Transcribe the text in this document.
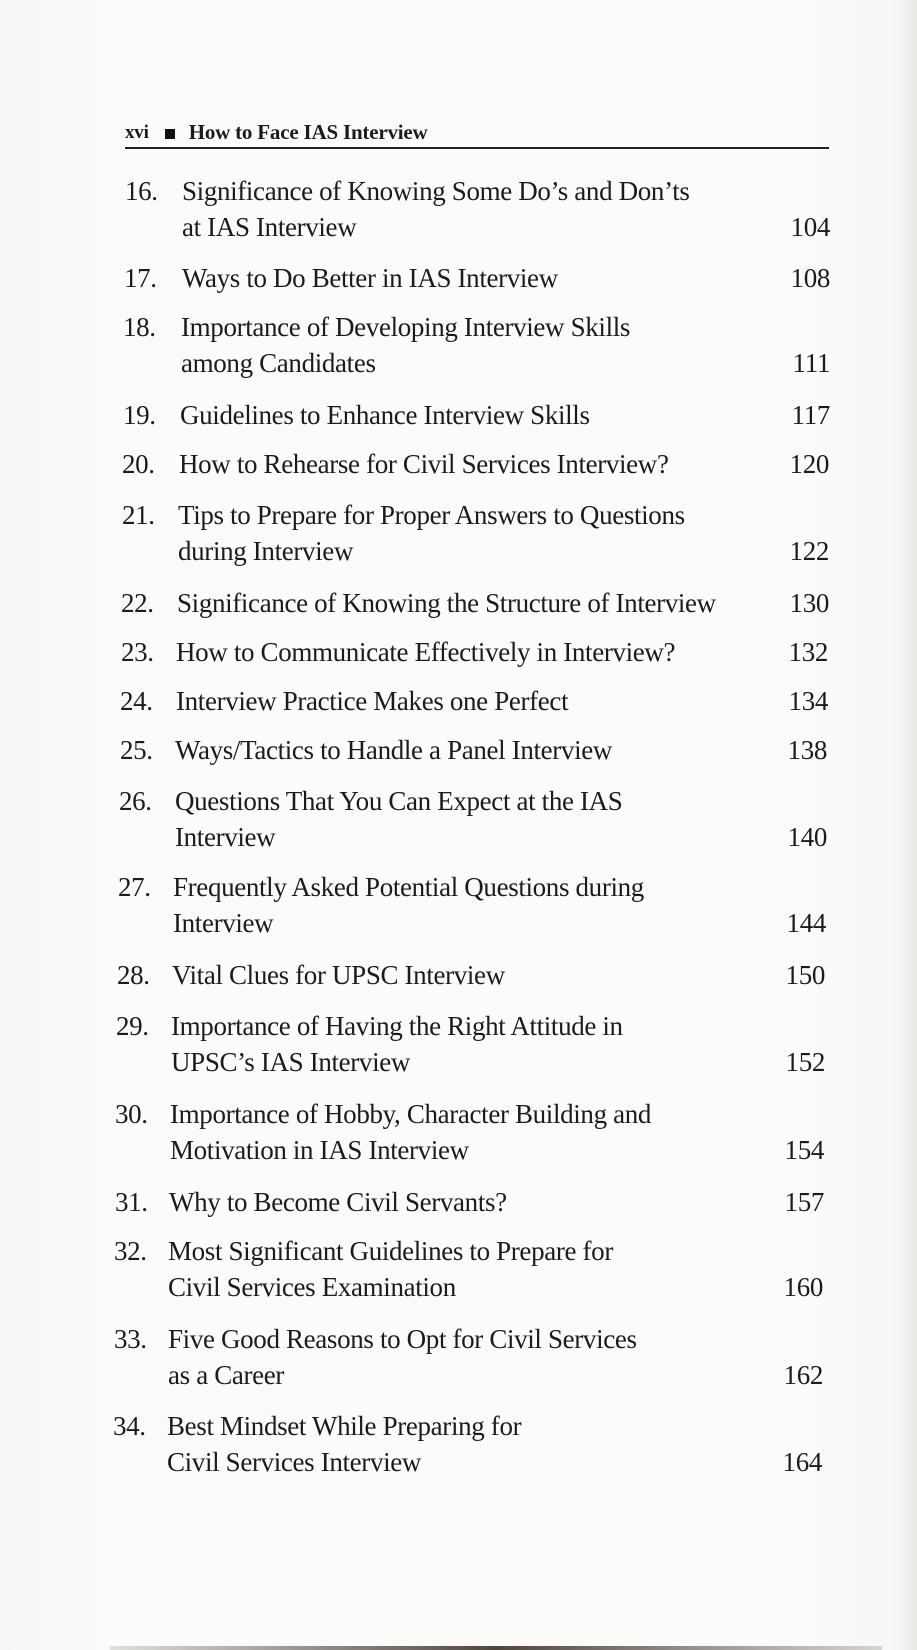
xvi How to Face IAS Interview
16. Significance of Knowing Some Do’s and Don’ts
at IAS Interview	104
17. Ways to Do Better in IAS Interview	108
18. Importance of Developing Interview Skills
among Candidates	111
19. Guidelines to Enhance Interview Skills	117
20. How to Rehearse for Civil Services Interview?	120
21. Tips to Prepare for Proper Answers to Questions
during Interview	122
22. Significance of Knowing the Structure of Interview	130
23. How to Communicate Effectively in Interview?	132
24. Interview Practice Makes one Perfect	134
25. Ways/Tactics to Handle a Panel Interview	138
26. Questions That You Can Expect at the IAS
Interview	140
27. Frequently Asked Potential Questions during
Interview	144
28. Vital Clues for UPSC Interview	150
29. Importance of Having the Right Attitude in
UPSC’s IAS Interview	152
30. Importance of Hobby, Character Building and
Motivation in IAS Interview	154
31. Why to Become Civil Servants?	157
32. Most Significant Guidelines to Prepare for
Civil Services Examination	160
33. Five Good Reasons to Opt for Civil Services
as a Career	162
34. Best Mindset While Preparing for
Civil Services Interview	164
